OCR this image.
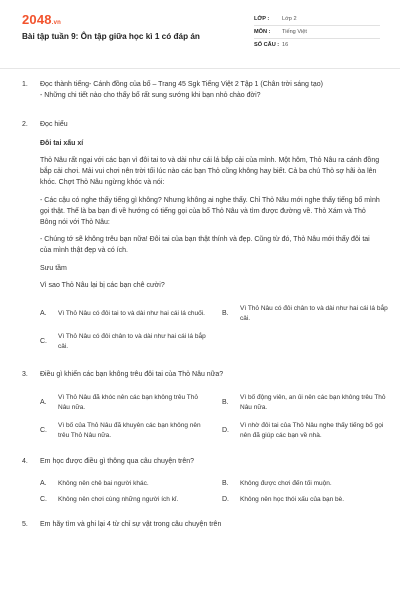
2048.vn
Bài tập tuần 9: Ôn tập giữa học kì 1 có đáp án
LỚP :	Lớp 2
MÔN :	Tiếng Việt
SỐ CÂU : 16
1. Đọc thành tiếng- Cánh đồng của bố – Trang 45 Sgk Tiếng Việt 2 Tập 1 (Chân trời sáng tạo)
- Những chi tiết nào cho thấy bố rất sung sướng khi bạn nhỏ chào đời?
2. Đọc hiểu
Đôi tai xấu xí
Thỏ Nâu rất ngại với các bạn vì đôi tai to và dài như cái lá bắp cải của mình. Một hôm, Thỏ Nâu ra cánh đồng bắp cải chơi. Mải vui chơi nên trời tối lúc nào các bạn Thỏ cũng không hay biết. Cả ba chú Thỏ sợ hãi òa lên khóc. Chợt Thỏ Nâu ngừng khóc và nói:
- Các cậu có nghe thấy tiếng gì không? Nhưng không ai nghe thấy. Chỉ Thỏ Nâu mới nghe thấy tiếng bố mình gọi thật. Thế là ba bạn đi về hướng có tiếng gọi của bố Thỏ Nâu và tìm được đường về. Thỏ Xám và Thỏ Bông nói với Thỏ Nâu:
- Chúng tớ sẽ không trêu bạn nữa! Đôi tai của bạn thật thính và đẹp. Cũng từ đó, Thỏ Nâu mới thấy đôi tai của mình thật đẹp và có ích.
Sưu tầm
Vì sao Thỏ Nâu lại bị các bạn chê cười?
A. Vì Thỏ Nâu có đôi tai to và dài như hai cái lá chuối. B.
Vì Thỏ Nâu có đôi chân to và dài như hai cái lá bắp cải.
C.
Vì Thỏ Nâu có đôi chân to và dài như hai cái lá bắp cải.
3. Điều gì khiến các bạn không trêu đôi tai của Thỏ Nâu nữa?
A.
Vì Thỏ Nâu đã khóc nên các bạn không trêu Thỏ Nâu nữa.
B.
Vì bố động viên, an ủi nên các bạn không trêu Thỏ Nâu nữa.
C.
Vì bố của Thỏ Nâu đã khuyên các bạn không nên trêu Thỏ Nâu nữa.
D.
Vì nhờ đôi tai của Thỏ Nâu nghe thấy tiếng bố gọi nên đã giúp các bạn về nhà.
4. Em học được điều gì thông qua câu chuyện trên?
A. Không nên chê bai người khác.	B. Không được chơi đến tối muộn.
C. Không nên chơi cùng những người ích kỉ.	D. Không nên học thói xấu của bạn bè.
5. Em hãy tìm và ghi lại 4 từ chỉ sự vật trong câu chuyện trên
